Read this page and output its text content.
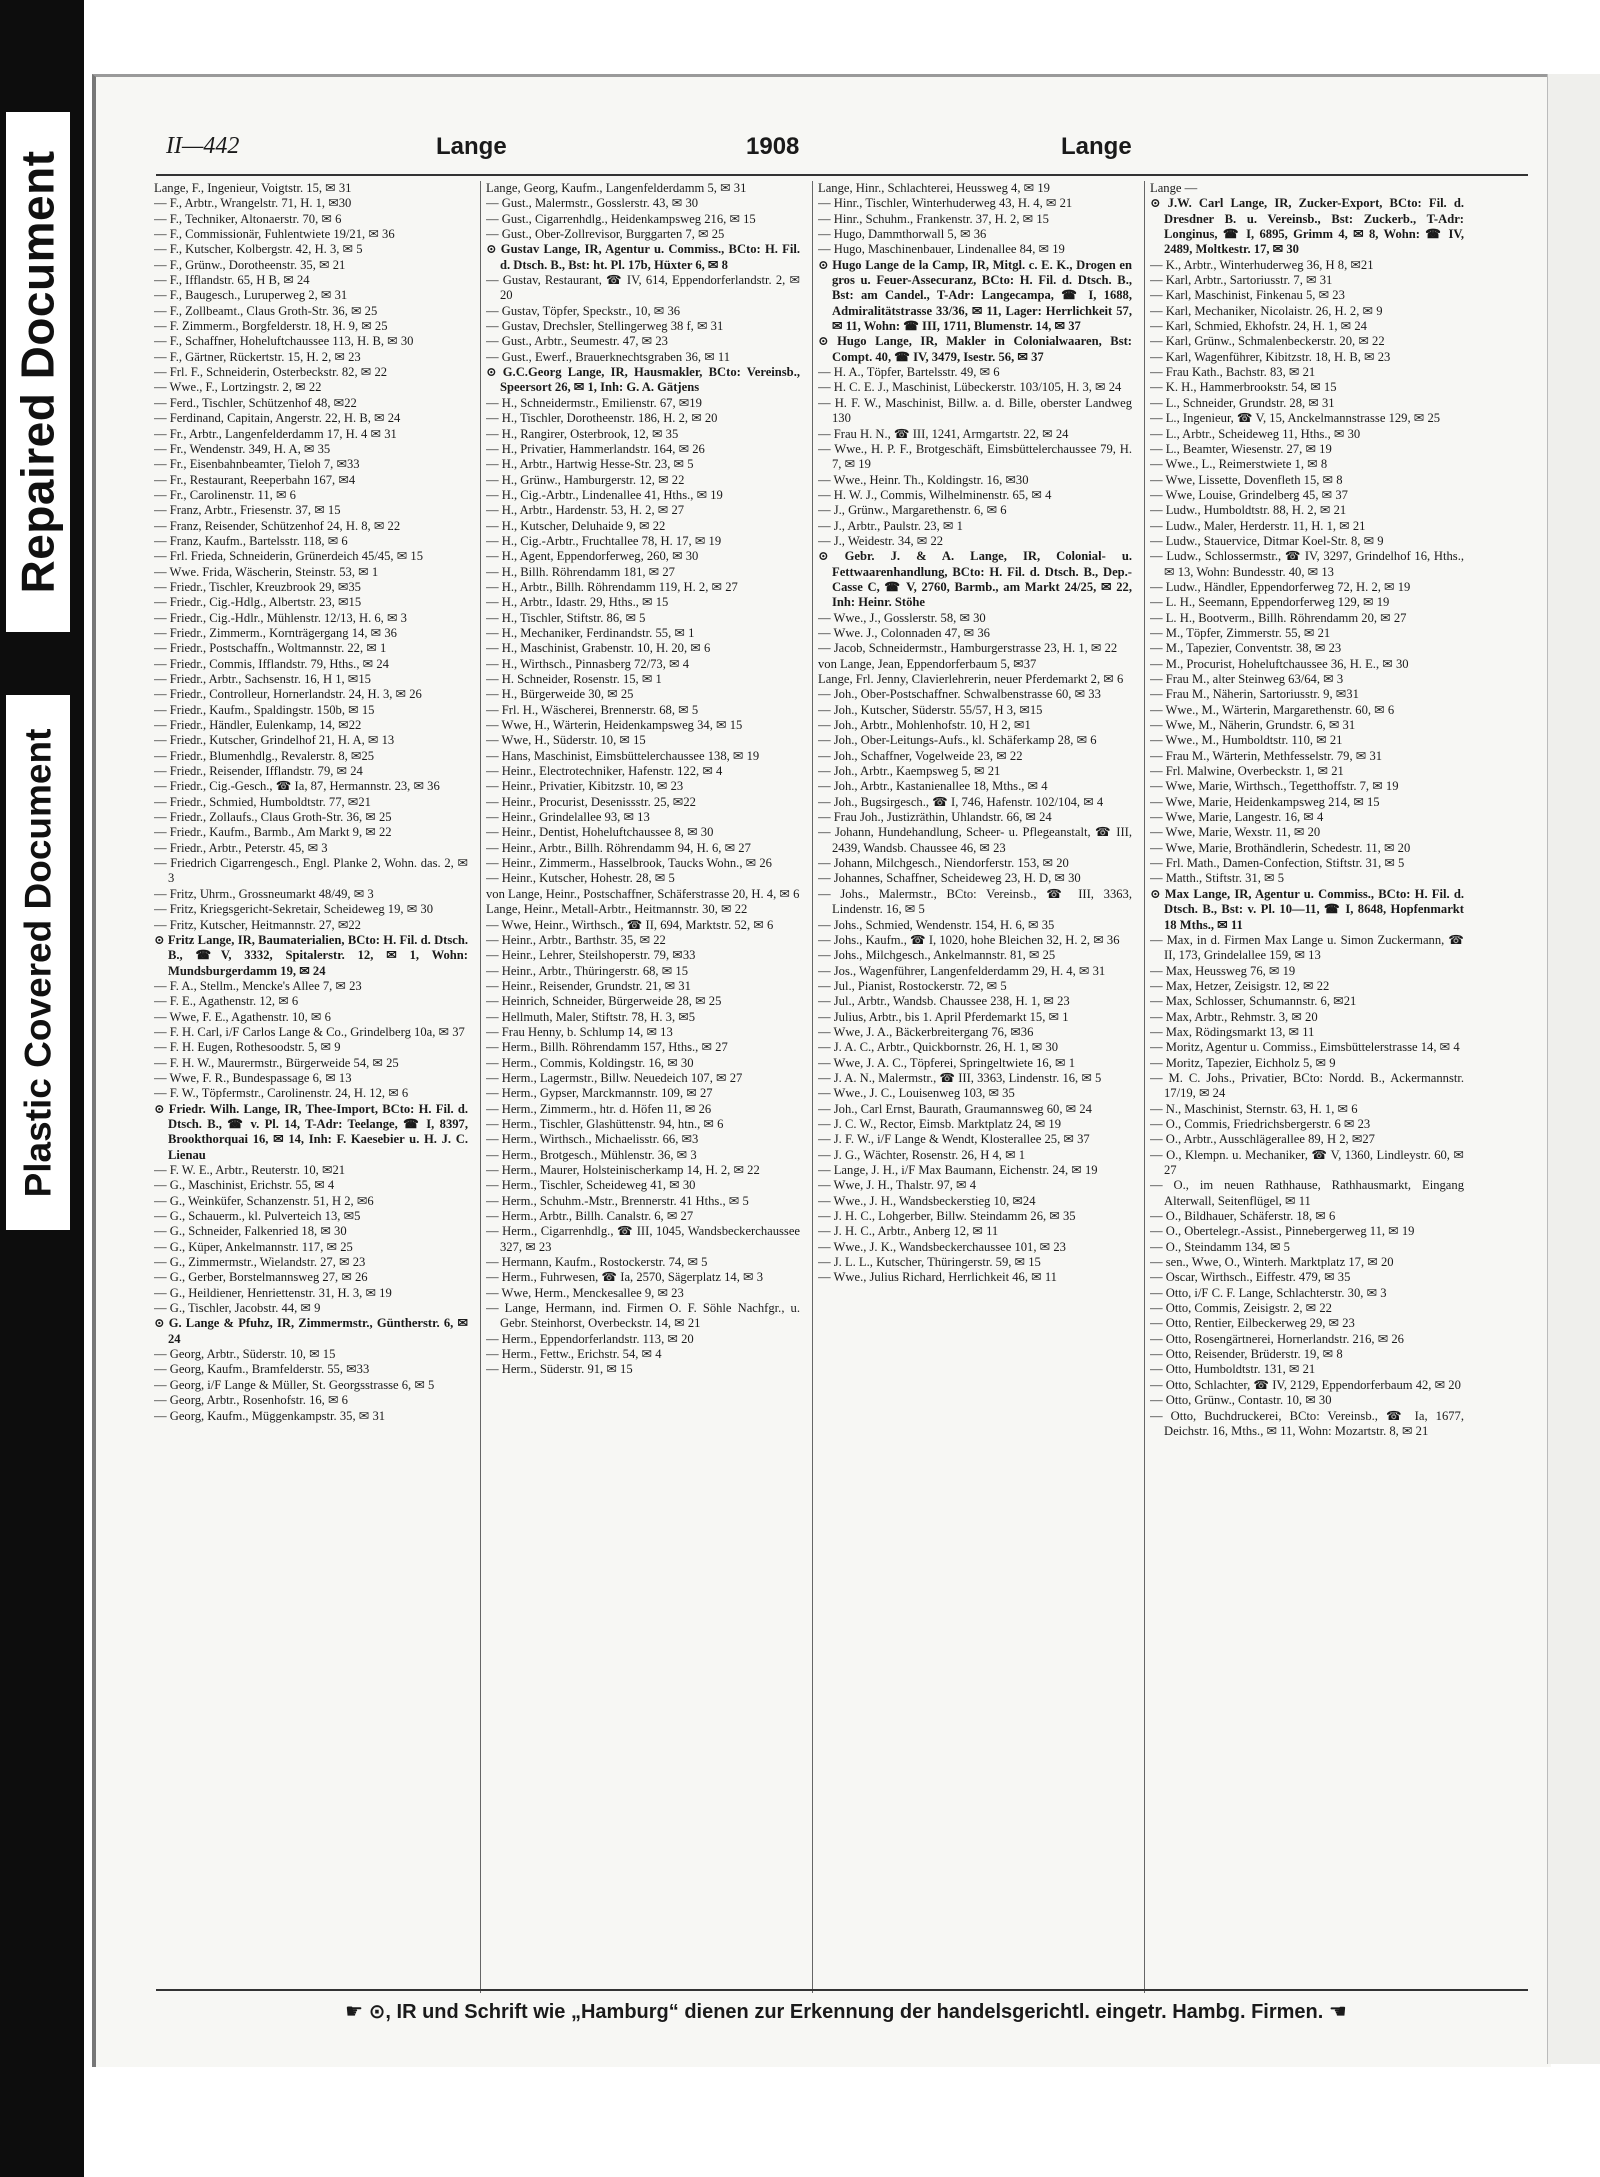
Repaired Document
Plastic Covered Document
II—442	Lange	1908	Lange

Lange, F., Ingenieur, Voigtstr. 15, ✉ 31

— F., Arbtr., Wrangelstr. 71, H. 1, ✉30

— F., Techniker, Altonaerstr. 70, ✉ 6

— F., Commissionär, Fuhlentwiete 19/21, ✉ 36

— F., Kutscher, Kolbergstr. 42, H. 3, ✉ 5

— F., Grünw., Dorotheenstr. 35, ✉ 21

— F., Ifflandstr. 65, H B, ✉ 24

— F., Baugesch., Luruperweg 2, ✉ 31

— F., Zollbeamt., Claus Groth-Str. 36, ✉ 25

— F. Zimmerm., Borgfelderstr. 18, H. 9, ✉ 25

— F., Schaffner, Hoheluftchaussee 113, H. B, ✉ 30

— F., Gärtner, Rückertstr. 15, H. 2, ✉ 23

— Frl. F., Schneiderin, Osterbeckstr. 82, ✉ 22

— Wwe., F., Lortzingstr. 2, ✉ 22

— Ferd., Tischler, Schützenhof 48, ✉22

— Ferdinand, Capitain, Angerstr. 22, H. B, ✉ 24

— Fr., Arbtr., Langenfelderdamm 17, H. 4 ✉ 31

— Fr., Wendenstr. 349, H. A, ✉ 35

— Fr., Eisenbahnbeamter, Tieloh 7, ✉33

— Fr., Restaurant, Reeperbahn 167, ✉4

— Fr., Carolinenstr. 11, ✉ 6

— Franz, Arbtr., Friesenstr. 37, ✉ 15

— Franz, Reisender, Schützenhof 24, H. 8, ✉ 22

— Franz, Kaufm., Bartelsstr. 118, ✉ 6

— Frl. Frieda, Schneiderin, Grünerdeich 45/45, ✉ 15

— Wwe. Frida, Wäscherin, Steinstr. 53, ✉ 1

— Friedr., Tischler, Kreuzbrook 29, ✉35

— Friedr., Cig.-Hdlg., Albertstr. 23, ✉15

— Friedr., Cig.-Hdlr., Mühlenstr. 12/13, H. 6, ✉ 3

— Friedr., Zimmerm., Kornträgergang 14, ✉ 36

— Friedr., Postschaffn., Woltmannstr. 22, ✉ 1

— Friedr., Commis, Ifflandstr. 79, Hths., ✉ 24

— Friedr., Arbtr., Sachsenstr. 16, H 1, ✉15

— Friedr., Controlleur, Hornerlandstr. 24, H. 3, ✉ 26

— Friedr., Kaufm., Spaldingstr. 150b, ✉ 15

— Friedr., Händler, Eulenkamp, 14, ✉22

— Friedr., Kutscher, Grindelhof 21, H. A, ✉ 13

— Friedr., Blumenhdlg., Revalerstr. 8, ✉25

— Friedr., Reisender, Ifflandstr. 79, ✉ 24

— Friedr., Cig.-Gesch., ☎ Ia, 87, Hermannstr. 23, ✉ 36

— Friedr., Schmied, Humboldtstr. 77, ✉21

— Friedr., Zollaufs., Claus Groth-Str. 36, ✉ 25

— Friedr., Kaufm., Barmb., Am Markt 9, ✉ 22

— Friedr., Arbtr., Peterstr. 45, ✉ 3

— Friedrich Cigarrengesch., Engl. Planke 2, Wohn. das. 2, ✉ 3

— Fritz, Uhrm., Grossneumarkt 48/49, ✉ 3

— Fritz, Kriegsgericht-Sekretair, Scheideweg 19, ✉ 30

— Fritz, Kutscher, Heitmannstr. 27, ✉22

⊙ Fritz Lange, IR, Baumaterialien, BCto: H. Fil. d. Dtsch. B., ☎V, 3332, Spitalerstr. 12, ✉ 1, Wohn: Mundsburgerdamm 19, ✉ 24

— F. A., Stellm., Mencke's Allee 7, ✉ 23

— F. E., Agathenstr. 12, ✉ 6

— Wwe, F. E., Agathenstr. 10, ✉ 6

— F. H. Carl, i/F Carlos Lange & Co., Grindelberg 10a, ✉ 37

— F. H. Eugen, Rothesoodstr. 5, ✉ 9

— F. H. W., Maurermstr., Bürgerweide 54, ✉ 25

— Wwe, F. R., Bundespassage 6, ✉ 13

— F. W., Töpfermstr., Carolinenstr. 24, H. 12, ✉ 6

⊙ Friedr. Wilh. Lange, IR, Thee-Import, BCto: H. Fil. d. Dtsch. B., ☎ v. Pl. 14, T-Adr: Teelange, ☎ I, 8397, Brookthorquai 16, ✉ 14, Inh: F. Kaesebier u. H. J. C. Lienau

— F. W. E., Arbtr., Reuterstr. 10, ✉21

— G., Maschinist, Erichstr. 55, ✉ 4

— G., Weinküfer, Schanzenstr. 51, H 2, ✉6

— G., Schauerm., kl. Pulverteich 13, ✉5

— G., Schneider, Falkenried 18, ✉ 30

— G., Küper, Ankelmannstr. 117, ✉ 25

— G., Zimmermstr., Wielandstr. 27, ✉ 23

— G., Gerber, Borstelmannsweg 27, ✉ 26

— G., Heildiener, Henriettenstr. 31, H. 3, ✉ 19

— G., Tischler, Jacobstr. 44, ✉ 9

⊙ G. Lange & Pfuhz, IR, Zimmermstr., Güntherstr. 6, ✉ 24

— Georg, Arbtr., Süderstr. 10, ✉ 15

— Georg, Kaufm., Bramfelderstr. 55, ✉33

— Georg, i/F Lange & Müller, St. Georgsstrasse 6, ✉ 5

— Georg, Arbtr., Rosenhofstr. 16, ✉ 6

— Georg, Kaufm., Müggenkampstr. 35, ✉ 31

Lange, Georg, Kaufm., Langenfelderdamm 5, ✉ 31

— Gust., Malermstr., Gosslerstr. 43, ✉ 30

— Gust., Cigarrenhdlg., Heidenkampsweg 216, ✉ 15

— Gust., Ober-Zollrevisor, Burggarten 7, ✉ 25

⊙ Gustav Lange, IR, Agentur u. Commiss., BCto: H. Fil. d. Dtsch. B., Bst: ht. Pl. 17b, Hüxter 6, ✉ 8

— Gustav, Restaurant, ☎ IV, 614, Eppendorferlandstr. 2, ✉ 20

— Gustav, Töpfer, Speckstr., 10, ✉ 36

— Gustav, Drechsler, Stellingerweg 38 f, ✉ 31

— Gust., Arbtr., Seumestr. 47, ✉ 23

— Gust., Ewerf., Brauerknechtsgraben 36, ✉ 11

⊙ G.C.Georg Lange, IR, Hausmakler, BCto: Vereinsb., Speersort 26, ✉ 1, Inh: G. A. Gätjens

— H., Schneidermstr., Emilienstr. 67, ✉19

— H., Tischler, Dorotheenstr. 186, H. 2, ✉ 20

— H., Rangirer, Osterbrook, 12, ✉ 35

— H., Privatier, Hammerlandstr. 164, ✉ 26

— H., Arbtr., Hartwig Hesse-Str. 23, ✉ 5

— H., Grünw., Hamburgerstr. 12, ✉ 22

— H., Cig.-Arbtr., Lindenallee 41, Hths., ✉ 19

— H., Arbtr., Hardenstr. 53, H. 2, ✉ 27

— H., Kutscher, Deluhaide 9, ✉ 22

— H., Cig.-Arbtr., Fruchtallee 78, H. 17, ✉ 19

— H., Agent, Eppendorferweg, 260, ✉ 30

— H., Billh. Röhrendamm 181, ✉ 27

— H., Arbtr., Billh. Röhrendamm 119, H. 2, ✉ 27

— H., Arbtr., Idastr. 29, Hths., ✉ 15

— H., Tischler, Stiftstr. 86, ✉ 5

— H., Mechaniker, Ferdinandstr. 55, ✉ 1

— H., Maschinist, Grabenstr. 10, H. 20, ✉ 6

— H., Wirthsch., Pinnasberg 72/73, ✉ 4

— H. Schneider, Rosenstr. 15, ✉ 1

— H., Bürgerweide 30, ✉ 25

— Frl. H., Wäscherei, Brennerstr. 68, ✉ 5

— Wwe, H., Wärterin, Heidenkampsweg 34, ✉ 15

— Wwe, H., Süderstr. 10, ✉ 15

— Hans, Maschinist, Eimsbüttelerchaussee 138, ✉ 19

— Heinr., Electrotechniker, Hafenstr. 122, ✉ 4

— Heinr., Privatier, Kibitzstr. 10, ✉ 23

— Heinr., Procurist, Desenissstr. 25, ✉22

— Heinr., Grindelallee 93, ✉ 13

— Heinr., Dentist, Hoheluftchaussee 8, ✉ 30

— Heinr., Arbtr., Billh. Röhrendamm 94, H. 6, ✉ 27

— Heinr., Zimmerm., Hasselbrook, Taucks Wohn., ✉ 26

— Heinr., Kutscher, Hohestr. 28, ✉ 5

von Lange, Heinr., Postschaffner, Schäferstrasse 20, H. 4, ✉ 6

Lange, Heinr., Metall-Arbtr., Heitmannstr. 30, ✉ 22

— Wwe, Heinr., Wirthsch., ☎ II, 694, Marktstr. 52, ✉ 6

— Heinr., Arbtr., Barthstr. 35, ✉ 22

— Heinr., Lehrer, Steilshoperstr. 79, ✉33

— Heinr., Arbtr., Thüringerstr. 68, ✉ 15

— Heinr., Reisender, Grundstr. 21, ✉ 31

— Heinrich, Schneider, Bürgerweide 28, ✉ 25

— Hellmuth, Maler, Stiftstr. 78, H. 3, ✉5

— Frau Henny, b. Schlump 14, ✉ 13

— Herm., Billh. Röhrendamm 157, Hths., ✉ 27

— Herm., Commis, Koldingstr. 16, ✉ 30

— Herm., Lagermstr., Billw. Neuedeich 107, ✉ 27

— Herm., Gypser, Marckmannstr. 109, ✉ 27

— Herm., Zimmerm., htr. d. Höfen 11, ✉ 26

— Herm., Tischler, Glashüttenstr. 94, htn., ✉ 6

— Herm., Wirthsch., Michaelisstr. 66, ✉3

— Herm., Brotgesch., Mühlenstr. 36, ✉ 3

— Herm., Maurer, Holsteinischerkamp 14, H. 2, ✉ 22

— Herm., Tischler, Scheideweg 41, ✉ 30

— Herm., Schuhm.-Mstr., Brennerstr. 41 Hths., ✉ 5

— Herm., Arbtr., Billh. Canalstr. 6, ✉ 27

— Herm., Cigarrenhdlg., ☎ III, 1045, Wandsbeckerchaussee 327, ✉ 23

— Hermann, Kaufm., Rostockerstr. 74, ✉ 5

— Herm., Fuhrwesen, ☎ Ia, 2570, Sägerplatz 14, ✉ 3

— Wwe, Herm., Menckesallee 9, ✉ 23

— Lange, Hermann, ind. Firmen O. F. Söhle Nachfgr., u. Gebr. Steinhorst, Overbeckstr. 14, ✉ 21

— Herm., Eppendorferlandstr. 113, ✉ 20

— Herm., Fettw., Erichstr. 54, ✉ 4

— Herm., Süderstr. 91, ✉ 15

Lange, Hinr., Schlachterei, Heussweg 4, ✉ 19

— Hinr., Tischler, Winterhuderweg 43, H. 4, ✉ 21

— Hinr., Schuhm., Frankenstr. 37, H. 2, ✉ 15

— Hugo, Dammthorwall 5, ✉ 36

— Hugo, Maschinenbauer, Lindenallee 84, ✉ 19

⊙ Hugo Lange de la Camp, IR, Mitgl. c. E. K., Drogen en gros u. Feuer-Assecuranz, BCto: H. Fil. d. Dtsch. B., Bst: am Candel., T-Adr: Langecampa, ☎ I, 1688, Admiralitätstrasse 33/36, ✉ 11, Lager: Herrlichkeit 57, ✉ 11, Wohn: ☎ III, 1711, Blumenstr. 14, ✉ 37

⊙ Hugo Lange, IR, Makler in Colonialwaaren, Bst: Compt. 40, ☎ IV, 3479, Isestr. 56, ✉ 37

— H. A., Töpfer, Bartelsstr. 49, ✉ 6

— H. C. E. J., Maschinist, Lübeckerstr. 103/105, H. 3, ✉ 24

— H. F. W., Maschinist, Billw. a. d. Bille, oberster Landweg 130

— Frau H. N., ☎ III, 1241, Armgartstr. 22, ✉ 24

— Wwe., H. P. F., Brotgeschäft, Eimsbüttelerchaussee 79, H. 7, ✉ 19

— Wwe., Heinr. Th., Koldingstr. 16, ✉30

— H. W. J., Commis, Wilhelminenstr. 65, ✉ 4

— J., Grünw., Margarethenstr. 6, ✉ 6

— J., Arbtr., Paulstr. 23, ✉ 1

— J., Weidestr. 34, ✉ 22

⊙ Gebr. J. & A. Lange, IR, Colonial- u. Fettwaarenhandlung, BCto: H. Fil. d. Dtsch. B., Dep.-Casse C, ☎ V, 2760, Barmb., am Markt 24/25, ✉ 22, Inh: Heinr. Stöhe

— Wwe., J., Gosslerstr. 58, ✉ 30

— Wwe. J., Colonnaden 47, ✉ 36

— Jacob, Schneidermstr., Hamburgerstrasse 23, H. 1, ✉ 22

von Lange, Jean, Eppendorferbaum 5, ✉37

Lange, Frl. Jenny, Clavierlehrerin, neuer Pferdemarkt 2, ✉ 6

— Joh., Ober-Postschaffner. Schwalbenstrasse 60, ✉ 33

— Joh., Kutscher, Süderstr. 55/57, H 3, ✉15

— Joh., Arbtr., Mohlenhofstr. 10, H 2, ✉1

— Joh., Ober-Leitungs-Aufs., kl. Schäferkamp 28, ✉ 6

— Joh., Schaffner, Vogelweide 23, ✉ 22

— Joh., Arbtr., Kaempsweg 5, ✉ 21

— Joh., Arbtr., Kastanienallee 18, Mths., ✉ 4

— Joh., Bugsirgesch., ☎ I, 746, Hafenstr. 102/104, ✉ 4

— Frau Joh., Justizräthin, Uhlandstr. 66, ✉ 24

— Johann, Hundehandlung, Scheer- u. Pflegeanstalt, ☎ III, 2439, Wandsb. Chaussee 46, ✉ 23

— Johann, Milchgesch., Niendorferstr. 153, ✉ 20

— Johannes, Schaffner, Scheideweg 23, H. D, ✉ 30

— Johs., Malermstr., BCto: Vereinsb., ☎ III, 3363, Lindenstr. 16, ✉ 5

— Johs., Schmied, Wendenstr. 154, H. 6, ✉ 35

— Johs., Kaufm., ☎ I, 1020, hohe Bleichen 32, H. 2, ✉ 36

— Johs., Milchgesch., Ankelmannstr. 81, ✉ 25

— Jos., Wagenführer, Langenfelderdamm 29, H. 4, ✉ 31

— Jul., Pianist, Rostockerstr. 72, ✉ 5

— Jul., Arbtr., Wandsb. Chaussee 238, H. 1, ✉ 23

— Julius, Arbtr., bis 1. April Pferdemarkt 15, ✉ 1

— Wwe, J. A., Bäckerbreitergang 76, ✉36

— J. A. C., Arbtr., Quickbornstr. 26, H. 1, ✉ 30

— Wwe, J. A. C., Töpferei, Springeltwiete 16, ✉ 1

— J. A. N., Malermstr., ☎ III, 3363, Lindenstr. 16, ✉ 5

— Wwe., J. C., Louisenweg 103, ✉ 35

— Joh., Carl Ernst, Baurath, Graumannsweg 60, ✉ 24

— J. C. W., Rector, Eimsb. Marktplatz 24, ✉ 19

— J. F. W., i/F Lange & Wendt, Klosterallee 25, ✉ 37

— J. G., Wächter, Rosenstr. 26, H 4, ✉ 1

— Lange, J. H., i/F Max Baumann, Eichenstr. 24, ✉ 19

— Wwe, J. H., Thalstr. 97, ✉ 4

— Wwe., J. H., Wandsbeckerstieg 10, ✉24

— J. H. C., Lohgerber, Billw. Steindamm 26, ✉ 35

— J. H. C., Arbtr., Anberg 12, ✉ 11

— Wwe., J. K., Wandsbeckerchaussee 101, ✉ 23

— J. L. L., Kutscher, Thüringerstr. 59, ✉ 15

— Wwe., Julius Richard, Herrlichkeit 46, ✉ 11

Lange —

⊙ J.W. Carl Lange, IR, Zucker-Export, BCto: Fil. d. Dresdner B. u. Vereinsb., Bst: Zuckerb., T-Adr: Longinus, ☎ I, 6895, Grimm 4, ✉ 8, Wohn: ☎ IV, 2489, Moltkestr. 17, ✉ 30

— K., Arbtr., Winterhuderweg 36, H 8, ✉21

— Karl, Arbtr., Sartoriusstr. 7, ✉ 31

— Karl, Maschinist, Finkenau 5, ✉ 23

— Karl, Mechaniker, Nicolaistr. 26, H. 2, ✉ 9

— Karl, Schmied, Ekhofstr. 24, H. 1, ✉ 24

— Karl, Grünw., Schmalenbeckerstr. 20, ✉ 22

— Karl, Wagenführer, Kibitzstr. 18, H. B, ✉ 23

— Frau Kath., Bachstr. 83, ✉ 21

— K. H., Hammerbrookstr. 54, ✉ 15

— L., Schneider, Grundstr. 28, ✉ 31

— L., Ingenieur, ☎ V, 15, Anckelmannstrasse 129, ✉ 25

— L., Arbtr., Scheideweg 11, Hths., ✉ 30

— L., Beamter, Wiesenstr. 27, ✉ 19

— Wwe., L., Reimerstwiete 1, ✉ 8

— Wwe, Lissette, Dovenfleth 15, ✉ 8

— Wwe, Louise, Grindelberg 45, ✉ 37

— Ludw., Humboldtstr. 88, H. 2, ✉ 21

— Ludw., Maler, Herderstr. 11, H. 1, ✉ 21

— Ludw., Stauervice, Ditmar Koel-Str. 8, ✉ 9

— Ludw., Schlossermstr., ☎ IV, 3297, Grindelhof 16, Hths., ✉ 13, Wohn: Bundesstr. 40, ✉ 13

— Ludw., Händler, Eppendorferweg 72, H. 2, ✉ 19

— L. H., Seemann, Eppendorferweg 129, ✉ 19

— L. H., Bootverm., Billh. Röhrendamm 20, ✉ 27

— M., Töpfer, Zimmerstr. 55, ✉ 21

— M., Tapezier, Conventstr. 38, ✉ 23

— M., Procurist, Hoheluftchaussee 36, H. E., ✉ 30

— Frau M., alter Steinweg 63/64, ✉ 3

— Frau M., Näherin, Sartoriusstr. 9, ✉31

— Wwe., M., Wärterin, Margarethenstr. 60, ✉ 6

— Wwe, M., Näherin, Grundstr. 6, ✉ 31

— Wwe., M., Humboldtstr. 110, ✉ 21

— Frau M., Wärterin, Methfesselstr. 79, ✉ 31

— Frl. Malwine, Overbeckstr. 1, ✉ 21

— Wwe, Marie, Wirthsch., Tegetthoffstr. 7, ✉ 19

— Wwe, Marie, Heidenkampsweg 214, ✉ 15

— Wwe, Marie, Langestr. 16, ✉ 4

— Wwe, Marie, Wexstr. 11, ✉ 20

— Wwe, Marie, Brothändlerin, Schedestr. 11, ✉ 20

— Frl. Math., Damen-Confection, Stiftstr. 31, ✉ 5

— Matth., Stiftstr. 31, ✉ 5

⊙ Max Lange, IR, Agentur u. Commiss., BCto: H. Fil. d. Dtsch. B., Bst: v. Pl. 10—11, ☎ I, 8648, Hopfenmarkt 18 Mths., ✉ 11

— Max, in d. Firmen Max Lange u. Simon Zuckermann, ☎ II, 173, Grindelallee 159, ✉ 13

— Max, Heussweg 76, ✉ 19

— Max, Hetzer, Zeisigstr. 12, ✉ 22

— Max, Schlosser, Schumannstr. 6, ✉21

— Max, Arbtr., Rehmstr. 3, ✉ 20

— Max, Rödingsmarkt 13, ✉ 11

— Moritz, Agentur u. Commiss., Eimsbüttelerstrasse 14, ✉ 4

— Moritz, Tapezier, Eichholz 5, ✉ 9

— M. C. Johs., Privatier, BCto: Nordd. B., Ackermannstr. 17/19, ✉ 24

— N., Maschinist, Sternstr. 63, H. 1, ✉ 6

— O., Commis, Friedrichsbergerstr. 6 ✉ 23

— O., Arbtr., Ausschlägerallee 89, H 2, ✉27

— O., Klempn. u. Mechaniker, ☎ V, 1360, Lindleystr. 60, ✉ 27

— O., im neuen Rathhause, Rathhausmarkt, Eingang Alterwall, Seitenflügel, ✉ 11

— O., Bildhauer, Schäferstr. 18, ✉ 6

— O., Obertelegr.-Assist., Pinnebergerweg 11, ✉ 19

— O., Steindamm 134, ✉ 5

— sen., Wwe, O., Winterh. Marktplatz 17, ✉ 20

— Oscar, Wirthsch., Eiffestr. 479, ✉ 35

— Otto, i/F C. F. Lange, Schlachterstr. 30, ✉ 3

— Otto, Commis, Zeisigstr. 2, ✉ 22

— Otto, Rentier, Eilbeckerweg 29, ✉ 23

— Otto, Rosengärtnerei, Hornerlandstr. 216, ✉ 26

— Otto, Reisender, Brüderstr. 19, ✉ 8

— Otto, Humboldtstr. 131, ✉ 21

— Otto, Schlachter, ☎ IV, 2129, Eppendorferbaum 42, ✉ 20

— Otto, Grünw., Contastr. 10, ✉ 30

— Otto, Buchdruckerei, BCto: Vereinsb., ☎ Ia, 1677, Deichstr. 16, Mths., ✉ 11, Wohn: Mozartstr. 8, ✉ 21

☛ ⊙, IR und Schrift wie „Hamburg“ dienen zur Erkennung der handelsgerichtl. eingetr. Hambg. Firmen. ☚
